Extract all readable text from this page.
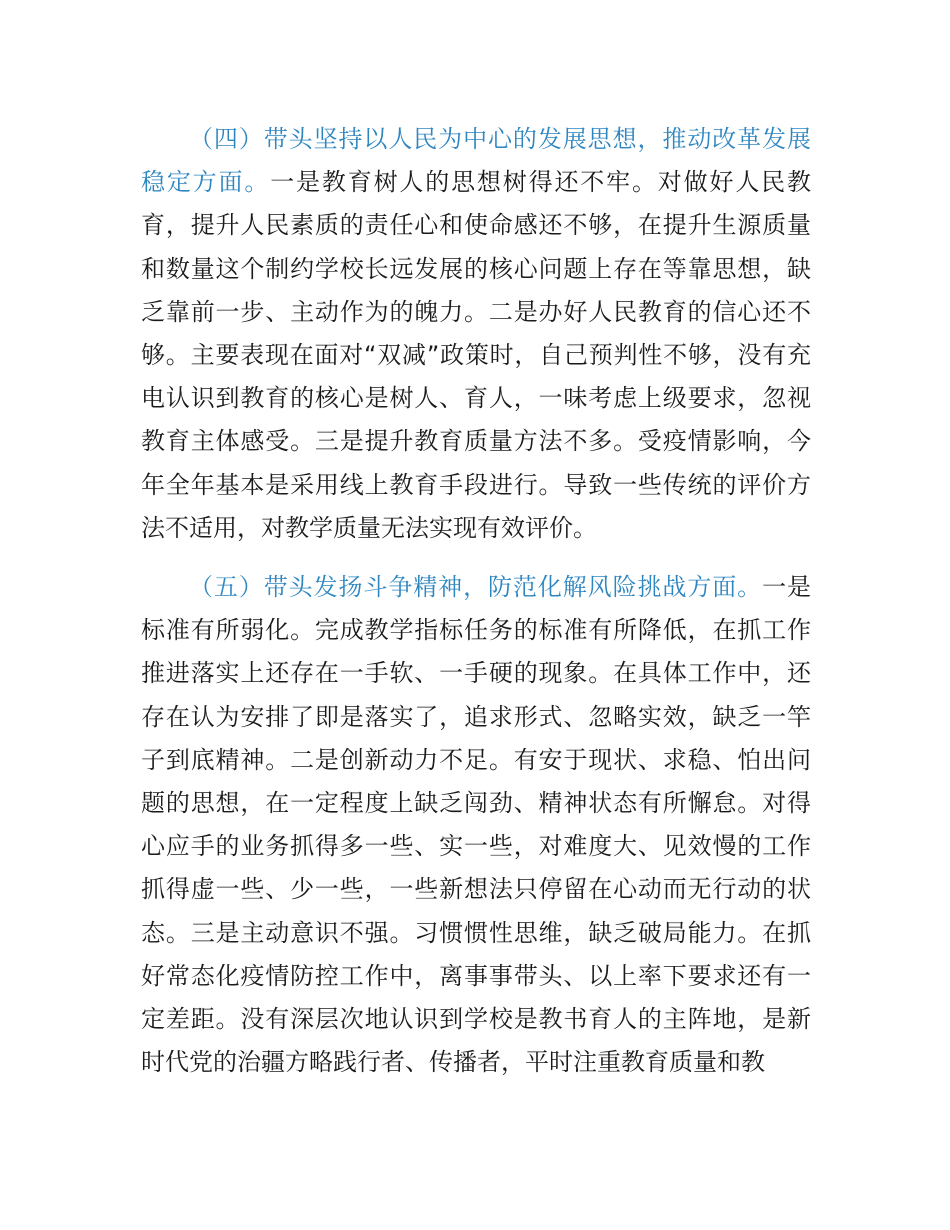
（四）带头坚持以人民为中心的发展思想，推动改革发展稳定方面。一是教育树人的思想树得还不牢。对做好人民教育，提升人民素质的责任心和使命感还不够，在提升生源质量和数量这个制约学校长远发展的核心问题上存在等靠思想，缺乏靠前一步、主动作为的魄力。二是办好人民教育的信心还不够。主要表现在面对“双减”政策时，自己预判性不够，没有充电认识到教育的核心是树人、育人，一味考虑上级要求，忽视教育主体感受。三是提升教育质量方法不多。受疫情影响，今年全年基本是采用线上教育手段进行。导致一些传统的评价方法不适用，对教学质量无法实现有效评价。

（五）带头发扬斗争精神，防范化解风险挑战方面。一是标准有所弱化。完成教学指标任务的标准有所降低，在抓工作推进落实上还存在一手软、一手硬的现象。在具体工作中，还存在认为安排了即是落实了，追求形式、忽略实效，缺乏一竿子到底精神。二是创新动力不足。有安于现状、求稳、怕出问题的思想，在一定程度上缺乏闯劲、精神状态有所懈怠。对得心应手的业务抓得多一些、实一些，对难度大、见效慢的工作抓得虚一些、少一些，一些新想法只停留在心动而无行动的状态。三是主动意识不强。习惯惯性思维，缺乏破局能力。在抓好常态化疫情防控工作中，离事事带头、以上率下要求还有一定差距。没有深层次地认识到学校是教书育人的主阵地，是新时代党的治疆方略践行者、传播者，平时注重教育质量和教
